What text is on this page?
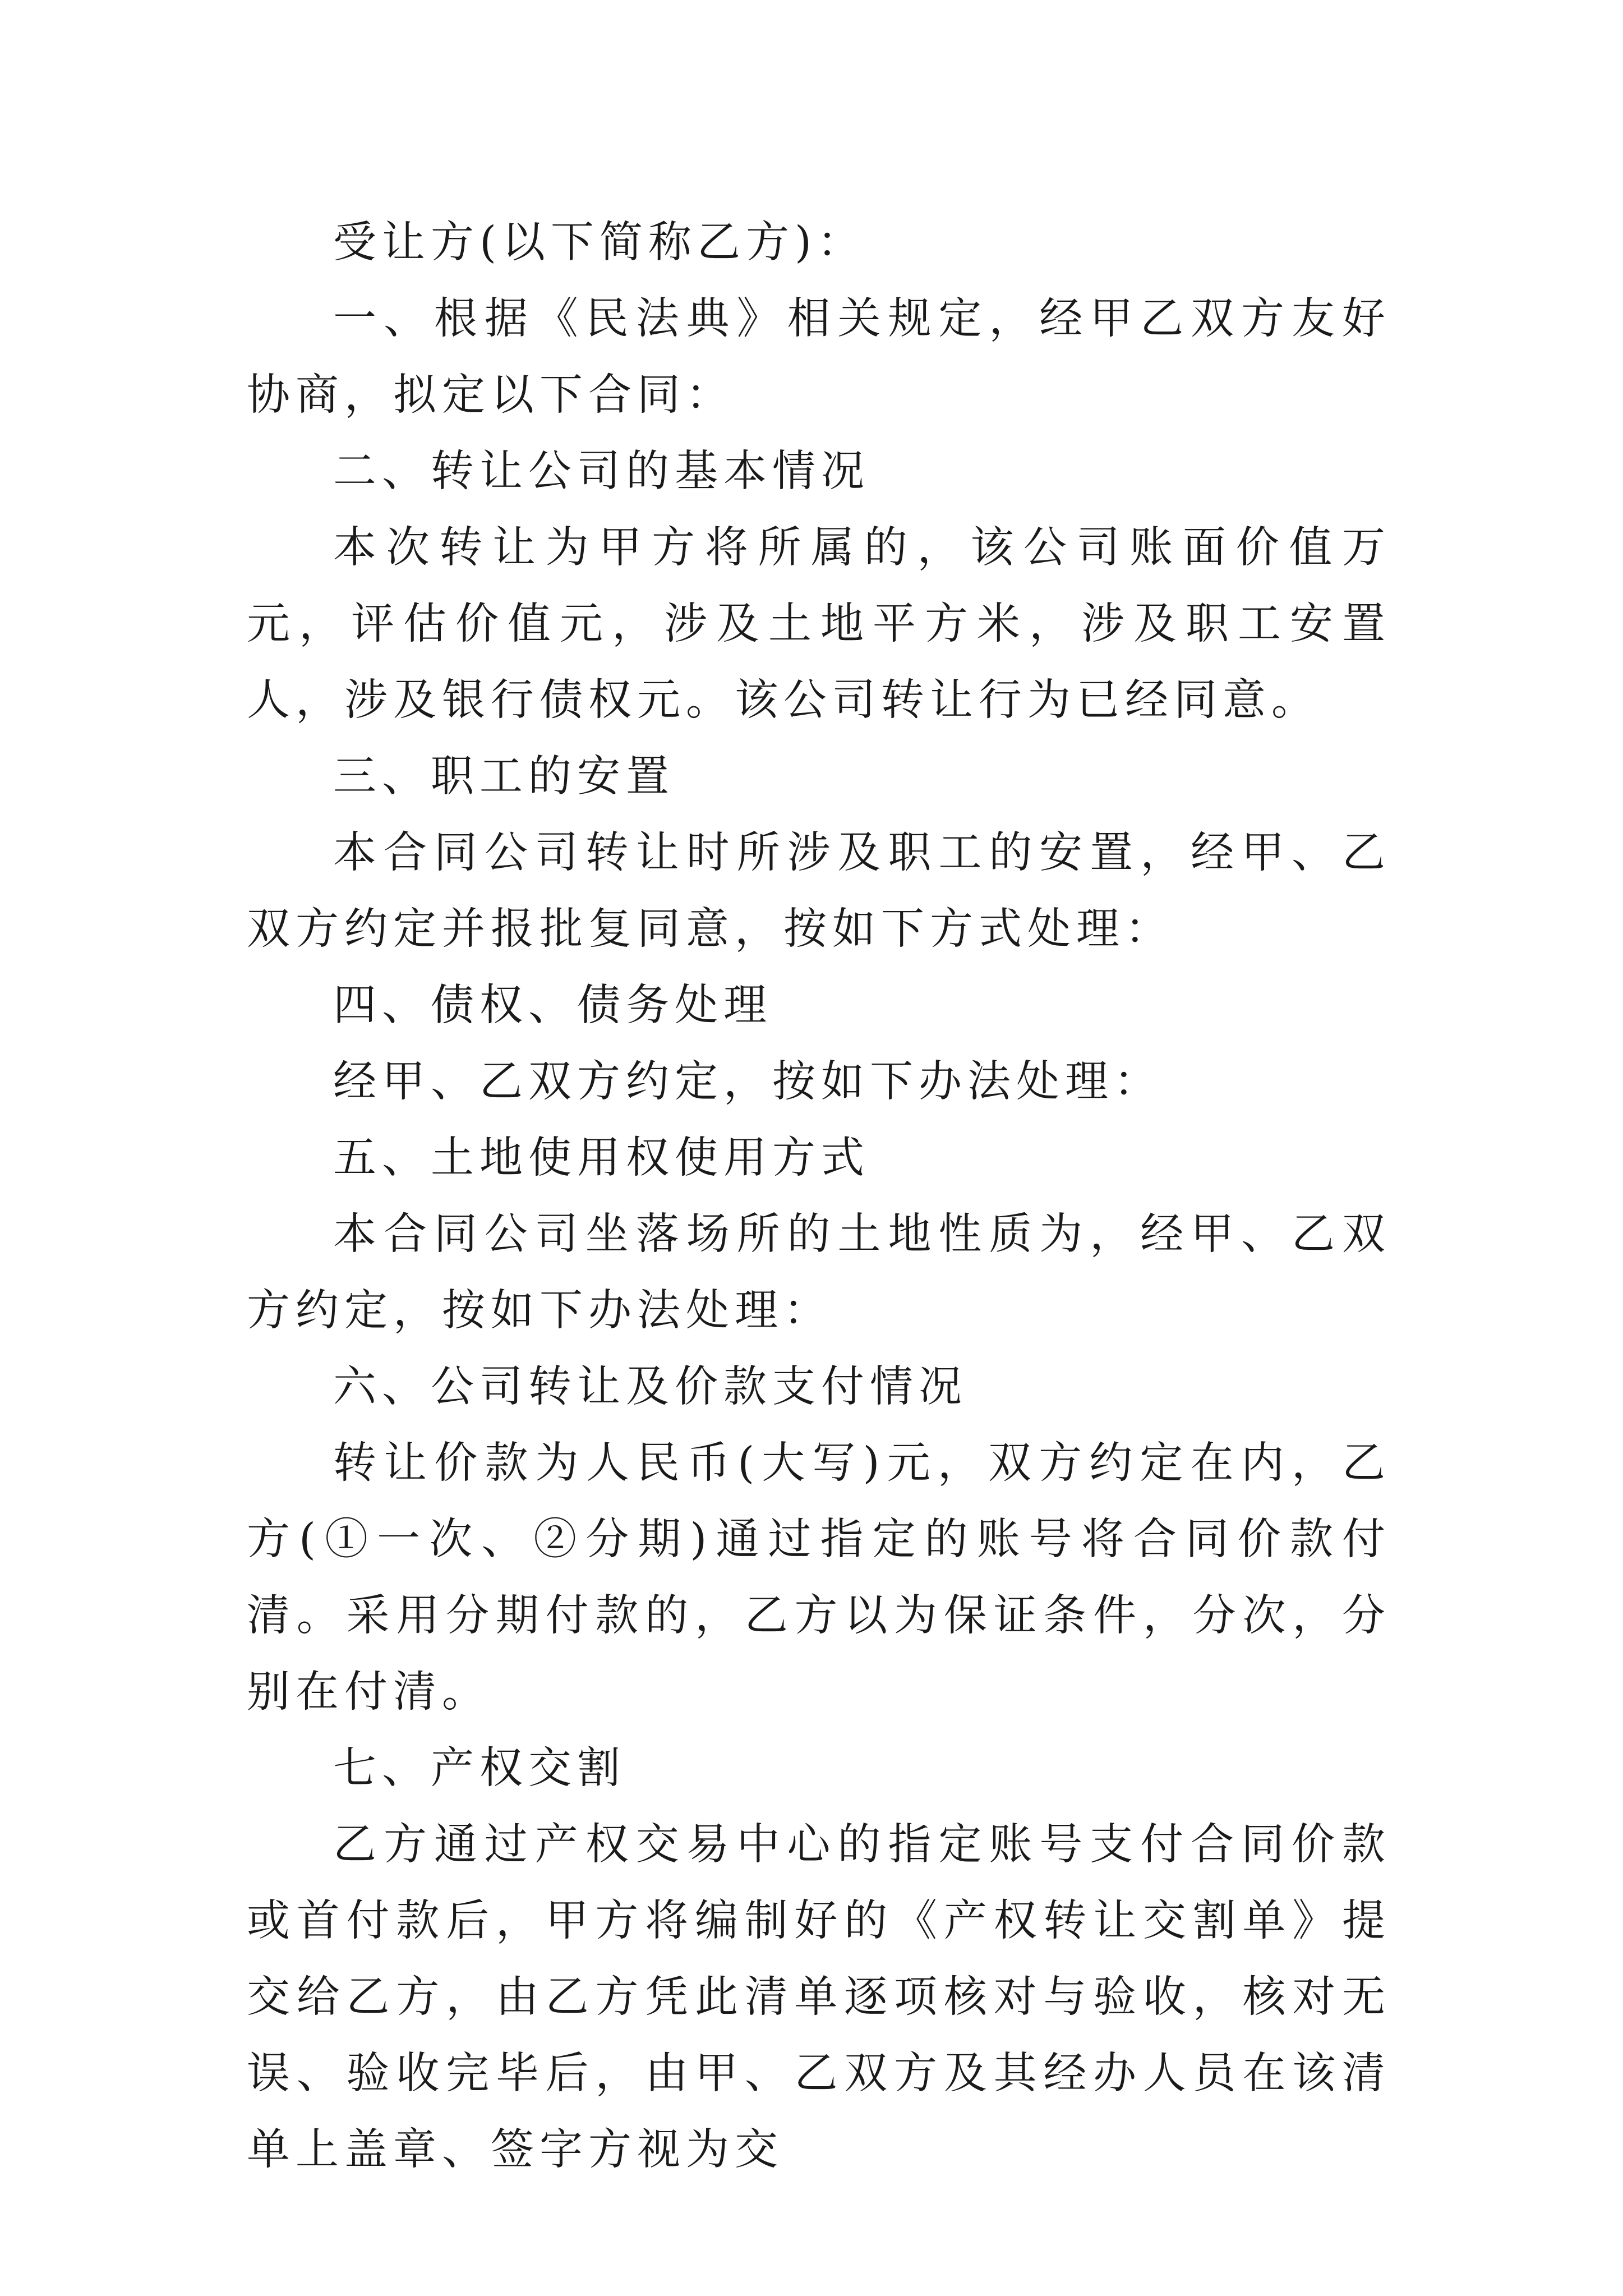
受让方(以下简称乙方)：

一、根据《民法典》相关规定，经甲乙双方友好协商，拟定以下合同：

二、转让公司的基本情况

本次转让为甲方将所属的，该公司账面价值万元，评估价值元，涉及土地平方米，涉及职工安置人，涉及银行债权元。该公司转让行为已经同意。

三、职工的安置

本合同公司转让时所涉及职工的安置，经甲、乙双方约定并报批复同意，按如下方式处理：

四、债权、债务处理

经甲、乙双方约定，按如下办法处理：

五、土地使用权使用方式

本合同公司坐落场所的土地性质为，经甲、乙双方约定，按如下办法处理：

六、公司转让及价款支付情况

转让价款为人民币(大写)元，双方约定在内，乙方(①一次、②分期)通过指定的账号将合同价款付清。采用分期付款的，乙方以为保证条件，分次，分别在付清。

七、产权交割

乙方通过产权交易中心的指定账号支付合同价款或首付款后，甲方将编制好的《产权转让交割单》提交给乙方，由乙方凭此清单逐项核对与验收，核对无误、验收完毕后，由甲、乙双方及其经办人员在该清单上盖章、签字方视为交
